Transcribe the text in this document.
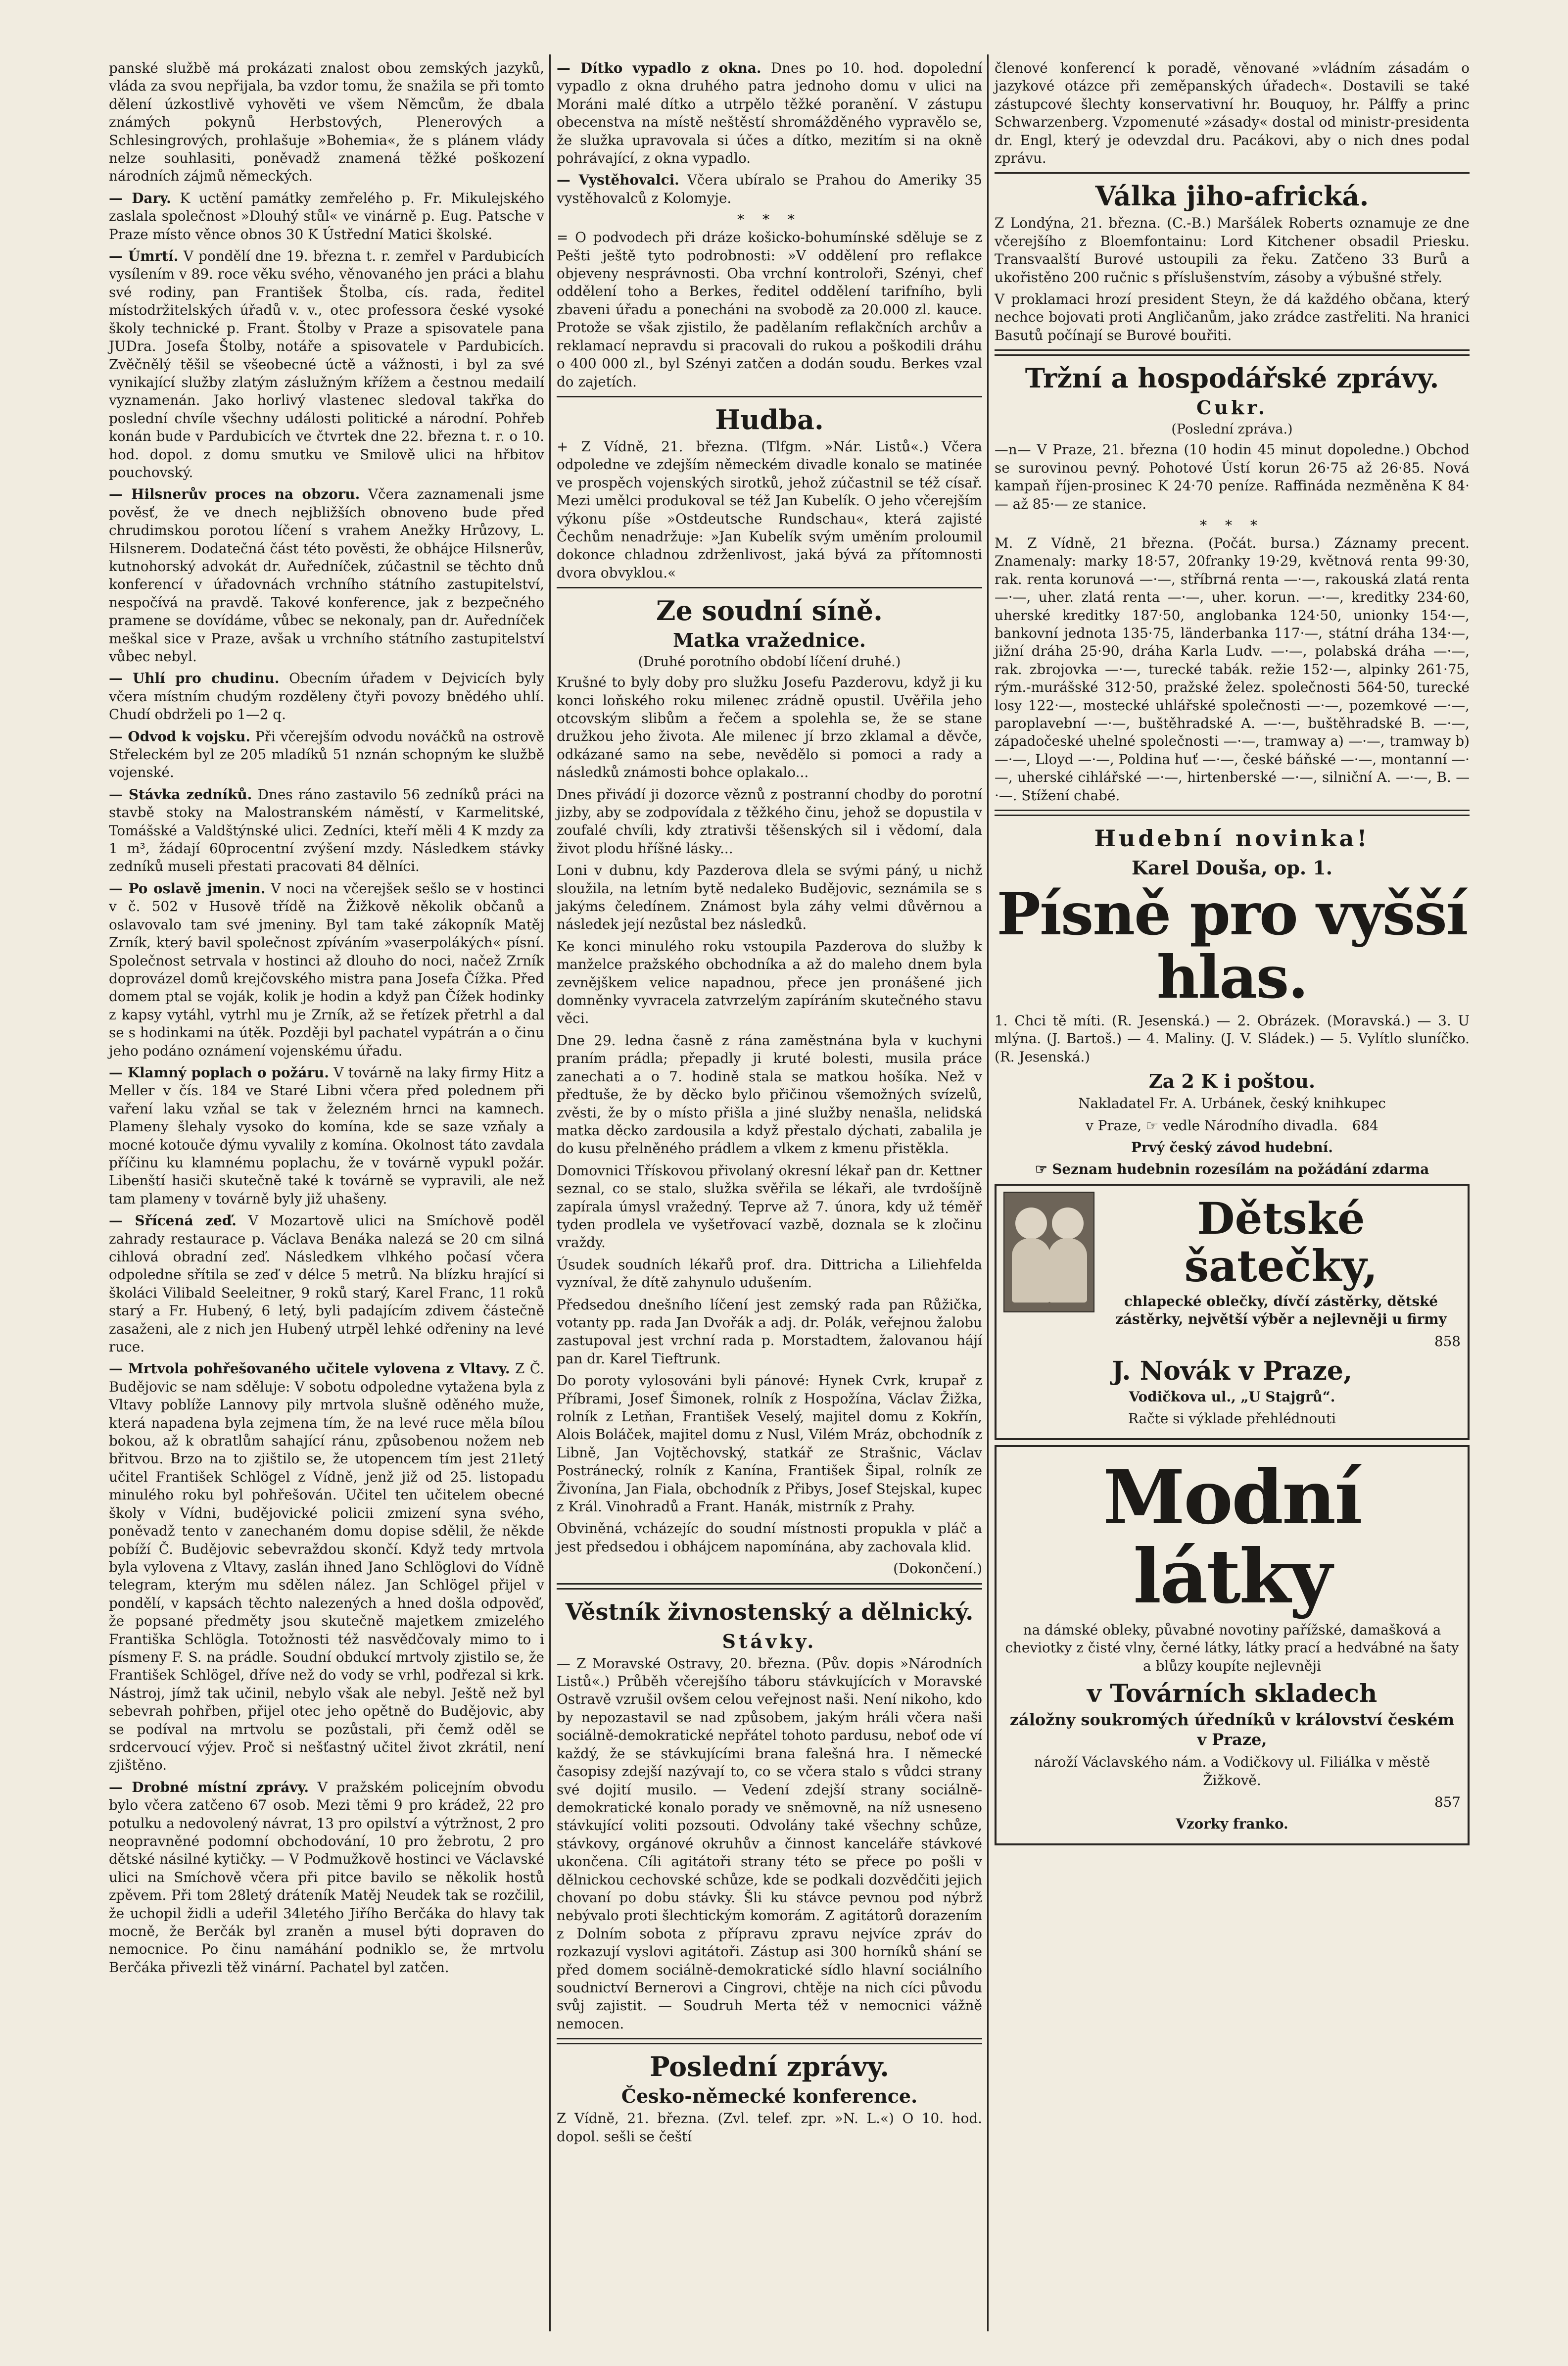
panské službě má prokázati znalost obou zemských jazyků, vláda za svou nepřijala, ba vzdor tomu, že snažila se při tomto dělení úzkostlivě vyhověti ve všem Němcům, že dbala známých pokynů Herbstových, Plenerových a Schlesingrových, prohlašuje »Bohemia«, že s plánem vlády nelze souhlasiti, poněvadž znamená těžké poškození národních zájmů německých.

— Dary. K uctění památky zemřelého p. Fr. Mikulejského zaslala společnost »Dlouhý stůl« ve vinárně p. Eug. Patsche v Praze místo věnce obnos 30 K Ústřední Matici školské.

— Úmrtí. V pondělí dne 19. března t. r. zemřel v Pardubicích vysílením v 89. roce věku svého, věnovaného jen práci a blahu své rodiny, pan František Štolba, cís. rada, ředitel místodržitelských úřadů v. v., otec professora české vysoké školy technické p. Frant. Štolby v Praze a spisovatele pana JUDra. Josefa Štolby, notáře a spisovatele v Pardubicích. Zvěčnělý těšil se všeobecné úctě a vážnosti, i byl za své vynikající služby zlatým záslužným křížem a čestnou medailí vyznamenán. Jako horlivý vlastenec sledoval takřka do poslední chvíle všechny události politické a národní. Pohřeb konán bude v Pardubicích ve čtvrtek dne 22. března t. r. o 10. hod. dopol. z domu smutku ve Smilově ulici na hřbitov pouchovský.

— Hilsnerův proces na obzoru. Včera zaznamenali jsme pověsť, že ve dnech nejbližších obnoveno bude před chrudimskou porotou líčení s vrahem Anežky Hrůzovy, L. Hilsnerem. Dodatečná část této pověsti, že obhájce Hilsnerův, kutnohorský advokát dr. Auředníček, zúčastnil se těchto dnů konferencí v úřadovnách vrchního státního zastupitelství, nespočívá na pravdě. Takové konference, jak z bezpečného pramene se dovídáme, vůbec se nekonaly, pan dr. Auředníček meškal sice v Praze, avšak u vrchního státního zastupitelství vůbec nebyl.

— Uhlí pro chudinu. Obecním úřadem v Dejvicích byly včera místním chudým rozděleny čtyři povozy bnědého uhlí. Chudí obdrželi po 1—2 q.

— Odvod k vojsku. Při včerejším odvodu nováčků na ostrově Střeleckém byl ze 205 mladíků 51 nznán schopným ke službě vojenské.

— Stávka zedníků. Dnes ráno zastavilo 56 zedníků práci na stavbě stoky na Malostranském náměstí, v Karmelitské, Tomášské a Valdštýnské ulici. Zedníci, kteří měli 4 K mzdy za 1 m³, žádají 60procentní zvýšení mzdy. Následkem stávky zedníků museli přestati pracovati 84 dělníci.

— Po oslavě jmenin. V noci na včerejšek sešlo se v hostinci v č. 502 v Husově třídě na Žižkově několik občanů a oslavovalo tam své jmeniny. Byl tam také zákopník Matěj Zrník, který bavil společnost zpíváním »vaserpolákých« písní. Společnost setrvala v hostinci až dlouho do noci, načež Zrník doprovázel domů krejčovského mistra pana Josefa Čížka. Před domem ptal se voják, kolik je hodin a když pan Čížek hodinky z kapsy vytáhl, vytrhl mu je Zrník, až se řetízek přetrhl a dal se s hodinkami na útěk. Později byl pachatel vypátrán a o činu jeho podáno oznámení vojenskému úřadu.

— Klamný poplach o požáru. V továrně na laky firmy Hitz a Meller v čís. 184 ve Staré Libni včera před polednem při vaření laku vzňal se tak v železném hrnci na kamnech. Plameny šlehaly vysoko do komína, kde se saze vzňaly a mocné kotouče dýmu vyvalily z komína. Okolnost táto zavdala příčinu ku klamnému poplachu, že v továrně vypukl požár. Libenští hasiči skutečně také k továrně se vypravili, ale než tam plameny v továrně byly již uhašeny.

— Sřícená zeď. V Mozartově ulici na Smíchově poděl zahrady restaurace p. Václava Benáka nalezá se 20 cm silná cihlová obradní zeď. Následkem vlhkého počasí včera odpoledne sřítila se zeď v délce 5 metrů. Na blízku hrající si školáci Vilibald Seeleitner, 9 roků starý, Karel Franc, 11 roků starý a Fr. Hubený, 6 letý, byli padajícím zdivem částečně zasaženi, ale z nich jen Hubený utrpěl lehké odřeniny na levé ruce.

— Mrtvola pohřešovaného učitele vylovena z Vltavy. Z Č. Budějovic se nam sděluje: V sobotu odpoledne vytažena byla z Vltavy poblíže Lannovy pily mrtvola slušně oděného muže, která napadena byla zejmena tím, že na levé ruce měla bílou bokou, až k obratlům sahající ránu, způsobenou nožem neb břitvou. Brzo na to zjištilo se, že utopencem tím jest 21letý učitel František Schlögel z Vídně, jenž již od 25. listopadu minulého roku byl pohřešován. Učitel ten učitelem obecné školy v Vídni, budějovické policii zmizení syna svého, poněvadž tento v zanechaném domu dopise sdělil, že někde pobíží Č. Budějovic sebevraždou skončí. Když tedy mrtvola byla vylovena z Vltavy, zaslán ihned Jano Schlöglovi do Vídně telegram, kterým mu sdělen nález. Jan Schlögel přijel v pondělí, v kapsách těchto nalezených a hned došla odpověď, že popsané předměty jsou skutečně majetkem zmizelého Františka Schlögla. Totožnosti též nasvědčovaly mimo to i písmeny F. S. na prádle. Soudní obdukcí mrtvoly zjistilo se, že František Schlögel, dříve než do vody se vrhl, podřezal si krk. Nástroj, jímž tak učinil, nebylo však ale nebyl. Ještě než byl sebevrah pohřben, přijel otec jeho opětně do Budějovic, aby se podíval na mrtvolu se pozůstali, při čemž oděl se srdcervoucí výjev. Proč si nešťastný učitel život zkrátil, není zjištěno.

— Drobné místní zprávy. V pražském policejním obvodu bylo včera zatčeno 67 osob. Mezi těmi 9 pro krádež, 22 pro potulku a nedovolený návrat, 13 pro opilství a výtržnost, 2 pro neopravněné podomní obchodování, 10 pro žebrotu, 2 pro dětské násilné kytičky. — V Podmužkově hostinci ve Václavské ulici na Smíchově včera při pitce bavilo se několik hostů zpěvem. Při tom 28letý dráteník Matěj Neudek tak se rozčilil, že uchopil židli a udeřil 34letého Jiřího Berčáka do hlavy tak mocně, že Berčák byl zraněn a musel býti dopraven do nemocnice. Po činu namáhání podniklo se, že mrtvolu Berčáka přivezli těž vinární. Pachatel byl zatčen.

— Dítko vypadlo z okna. Dnes po 10. hod. dopolední vypadlo z okna druhého patra jednoho domu v ulici na Moráni malé dítko a utrpělo těžké poranění. V zástupu obecenstva na místě neštěstí shromážděného vypravělo se, že služka upravovala si účes a dítko, mezitím si na okně pohrávající, z okna vypadlo.

— Vystěhovalci. Včera ubíralo se Prahou do Ameriky 35 vystěhovalců z Kolomyje.

* * *

= O podvodech při dráze košicko-bohumínské sděluje se z Pešti ještě tyto podrobnosti: »V oddělení pro reflakce objeveny nesprávnosti. Oba vrchní kontroloři, Szényi, chef oddělení toho a Berkes, ředitel oddělení tarifního, byli zbaveni úřadu a ponecháni na svobodě za 20.000 zl. kauce. Protože se však zjistilo, že padělaním reflakčních archův a reklamací nepravdu si pracovali do rukou a poškodili dráhu o 400 000 zl., byl Szényi zatčen a dodán soudu. Berkes vzal do zajetích.

Hudba.

+ Z Vídně, 21. března. (Tlfgm. »Nár. Listů«.) Včera odpoledne ve zdejším německém divadle konalo se matinée ve prospěch vojenských sirotků, jehož zúčastnil se též císař. Mezi umělci produkoval se též Jan Kubelík. O jeho včerejším výkonu píše »Ostdeutsche Rundschau«, která zajisté Čechům nenadržuje: »Jan Kubelík svým uměním proloumil dokonce chladnou zdrženlivost, jaká bývá za přítomnosti dvora obvyklou.«

Ze soudní síně.
Matka vražednice.
(Druhé porotního období líčení druhé.)

Krušné to byly doby pro služku Josefu Pazderovu, když ji ku konci loňského roku milenec zrádně opustil. Uvěřila jeho otcovským slibům a řečem a spolehla se, že se stane družkou jeho života. Ale milenec jí brzo zklamal a děvče, odkázané samo na sebe, nevědělo si pomoci a rady a následků známosti bohce oplakalo...

Dnes přivádí ji dozorce věznů z postranní chodby do porotní jizby, aby se zodpovídala z těžkého činu, jehož se dopustila v zoufalé chvíli, kdy ztrativši těšenských sil i vědomí, dala život plodu hříšné lásky...

Loni v dubnu, kdy Pazderova dlela se svými páný, u nichž sloužila, na letním bytě nedaleko Budějovic, seznámila se s jakýms čeledínem. Známost byla záhy velmi důvěrnou a následek její nezůstal bez následků.

Ke konci minulého roku vstoupila Pazderova do služby k manželce pražského obchodníka a až do maleho dnem byla zevnějškem velice napadnou, přece jen pronášené jich domněnky vyvracela zatvrzelým zapíráním skutečného stavu věci.

Dne 29. ledna časně z rána zaměstnána byla v kuchyni praním prádla; přepadly ji kruté bolesti, musila práce zanechati a o 7. hodině stala se matkou hošíka. Než v předtuše, že by děcko bylo přičinou všemožných svízelů, zvěsti, že by o místo přišla a jiné služby nenašla, nelidská matka děcko zardousila a když přestalo dýchati, zabalila je do kusu přelněného prádlem a vlkem z kmenu přistěkla.

Domovnici Třískovou přivolaný okresní lékař pan dr. Kettner seznal, co se stalo, služka svěřila se lékaři, ale tvrdošíjně zapírala úmysl vražedný. Teprve až 7. února, kdy už téměř tyden prodlela ve vyšetřovací vazbě, doznala se k zločinu vraždy.

Úsudek soudních lékařů prof. dra. Dittricha a Liliehfelda vyzníval, že dítě zahynulo udušením.

Předsedou dnešního líčení jest zemský rada pan Růžička, votanty pp. rada Jan Dvořák a adj. dr. Polák, veřejnou žalobu zastupoval jest vrchní rada p. Morstadtem, žalovanou hájí pan dr. Karel Tieftrunk.

Do poroty vylosováni byli pánové: Hynek Cvrk, krupař z Příbrami, Josef Šimonek, rolník z Hospožína, Václav Žižka, rolník z Letňan, František Veselý, majitel domu z Kokřín, Alois Boláček, majitel domu z Nusl, Vilém Mráz, obchodník z Libně, Jan Vojtěchovský, statkář ze Strašnic, Václav Postránecký, rolník z Kanína, František Šipal, rolník ze Živonína, Jan Fiala, obchodník z Přibys, Josef Stejskal, kupec z Král. Vinohradů a Frant. Hanák, mistrník z Prahy.

Obviněná, vcházejíc do soudní místnosti propukla v pláč a jest předsedou i obhájcem napomínána, aby zachovala klid.

(Dokončení.)

Věstník živnostenský a dělnický.
Stávky.

— Z Moravské Ostravy, 20. března. (Pův. dopis »Národních Listů«.) Průběh včerejšího táboru stávkujících v Moravské Ostravě vzrušil ovšem celou veřejnost naši. Není nikoho, kdo by nepozastavil se nad způsobem, jakým hráli včera naši sociálně-demokratické nepřátel tohoto pardusu, neboť ode ví každý, že se stávkujícími brana falešná hra. I německé časopisy zdejší nazývají to, co se včera stalo s vůdci strany své dojití musilo. — Vedení zdejší strany sociálně-demokratické konalo porady ve sněmovně, na níž usneseno stávkující voliti pozsouti. Odvolány také všechny schůze, stávkovy, orgánové okruhův a činnost kanceláře stávkové ukončena. Cíli agitátoři strany této se přece po pošli v dělnickou cechovské schůze, kde se podkali dozvědčiti jejich chovaní po dobu stávky. Šli ku stávce pevnou pod nýbrž nebývalo proti šlechtickým komorám. Z agitátorů dorazením z Dolním sobota z přípravu zpravu nejvíce zpráv do rozkazují vyslovi agitátoři. Zástup asi 300 horníků shání se před domem sociálně-demokratické sídlo hlavní sociálního soudnictví Bernerovi a Cingrovi, chtěje na nich cíci původu svůj zajistit. — Soudruh Merta též v nemocnici vážně nemocen.

Poslední zprávy.
Česko-německé konference.

Z Vídně, 21. března. (Zvl. telef. zpr. »N. L.«) O 10. hod. dopol. sešli se čeští

členové konferencí k poradě, věnované »vládním zásadám o jazykové otázce při zeměpanských úřadech«. Dostavili se také zástupcové šlechty konservativní hr. Bouquoy, hr. Pálffy a princ Schwarzenberg. Vzpomenuté »zásady« dostal od ministr-presidenta dr. Engl, který je odevzdal dru. Pacákovi, aby o nich dnes podal zprávu.

Válka jiho-africká.

Z Londýna, 21. března. (C.-B.) Maršálek Roberts oznamuje ze dne včerejšího z Bloemfontainu: Lord Kitchener obsadil Priesku. Transvaalští Burové ustoupili za řeku. Zatčeno 33 Burů a ukořistěno 200 ručnic s příslušenstvím, zásoby a výbušné střely.

V proklamaci hrozí president Steyn, že dá každého občana, který nechce bojovati proti Angličanům, jako zrádce zastřeliti. Na hranici Basutů počínají se Burové bouřiti.

Tržní a hospodářské zprávy.
Cukr.
(Poslední zpráva.)

—n— V Praze, 21. března (10 hodin 45 minut dopoledne.) Obchod se surovinou pevný. Pohotové Ústí korun 26·75 až 26·85. Nová kampaň říjen-prosinec K 24·70 peníze. Raffináda nezměněna K 84·— až 85·— ze stanice.

* * *

M. Z Vídně, 21 března. (Počát. bursa.) Záznamy precent. Znamenaly: marky 18·57, 20franky 19·29, květnová renta 99·30, rak. renta korunová —·—, stříbrná renta —·—, rakouská zlatá renta —·—, uher. zlatá renta —·—, uher. korun. —·—, kreditky 234·60, uherské kreditky 187·50, anglobanka 124·50, unionky 154·—, bankovní jednota 135·75, länderbanka 117·—, státní dráha 134·—, jižní dráha 25·90, dráha Karla Ludv. —·—, polabská dráha —·—, rak. zbrojovka —·—, turecké tabák. režie 152·—, alpinky 261·75, rým.-murášské 312·50, pražské želez. společnosti 564·50, turecké losy 122·—, mostecké uhlářské společnosti —·—, pozemkové —·—, paroplavební —·—, buštěhradské A. —·—, buštěhradské B. —·—, západočeské uhelné společnosti —·—, tramway a) —·—, tramway b) —·—, Lloyd —·—, Poldina huť —·—, české báňské —·—, montanní —·—, uherské cihlářské —·—, hirtenberské —·—, silniční A. —·—, B. —·—. Stížení chabé.

Hudební novinka!
Karel Douša, op. 1.
Písně pro vyšší hlas.

1. Chci tě míti. (R. Jesenská.) — 2. Obrázek. (Moravská.) — 3. U mlýna. (J. Bartoš.) — 4. Maliny. (J. V. Sládek.) — 5. Vylítlo sluníčko. (R. Jesenská.)

Za 2 K i poštou.

Nakladatel Fr. A. Urbánek, český knihkupec

v Praze, ☞ vedle Národního divadla. 684

Prvý český závod hudební.

☞ Seznam hudebnin rozesílám na požádání zdarma

Dětské šatečky,

chlapecké oblečky, dívčí zástěrky, dětské zástěrky, největší výběr a nejlevněji u firmy

858

J. Novák v Praze,

Vodičkova ul., „U Stajgrů“.

Račte si výklade přehlédnouti

Modní látky

na dámské obleky, půvabné novotiny pařížské, damašková a cheviotky z čisté vlny, černé látky, látky prací a hedvábné na šaty a blůzy koupíte nejlevněji

v Továrních skladech

záložny soukromých úředníků v království českém v Praze,

nároží Václavského nám. a Vodičkovy ul. Filiálka v městě Žižkově.

857

Vzorky franko.
